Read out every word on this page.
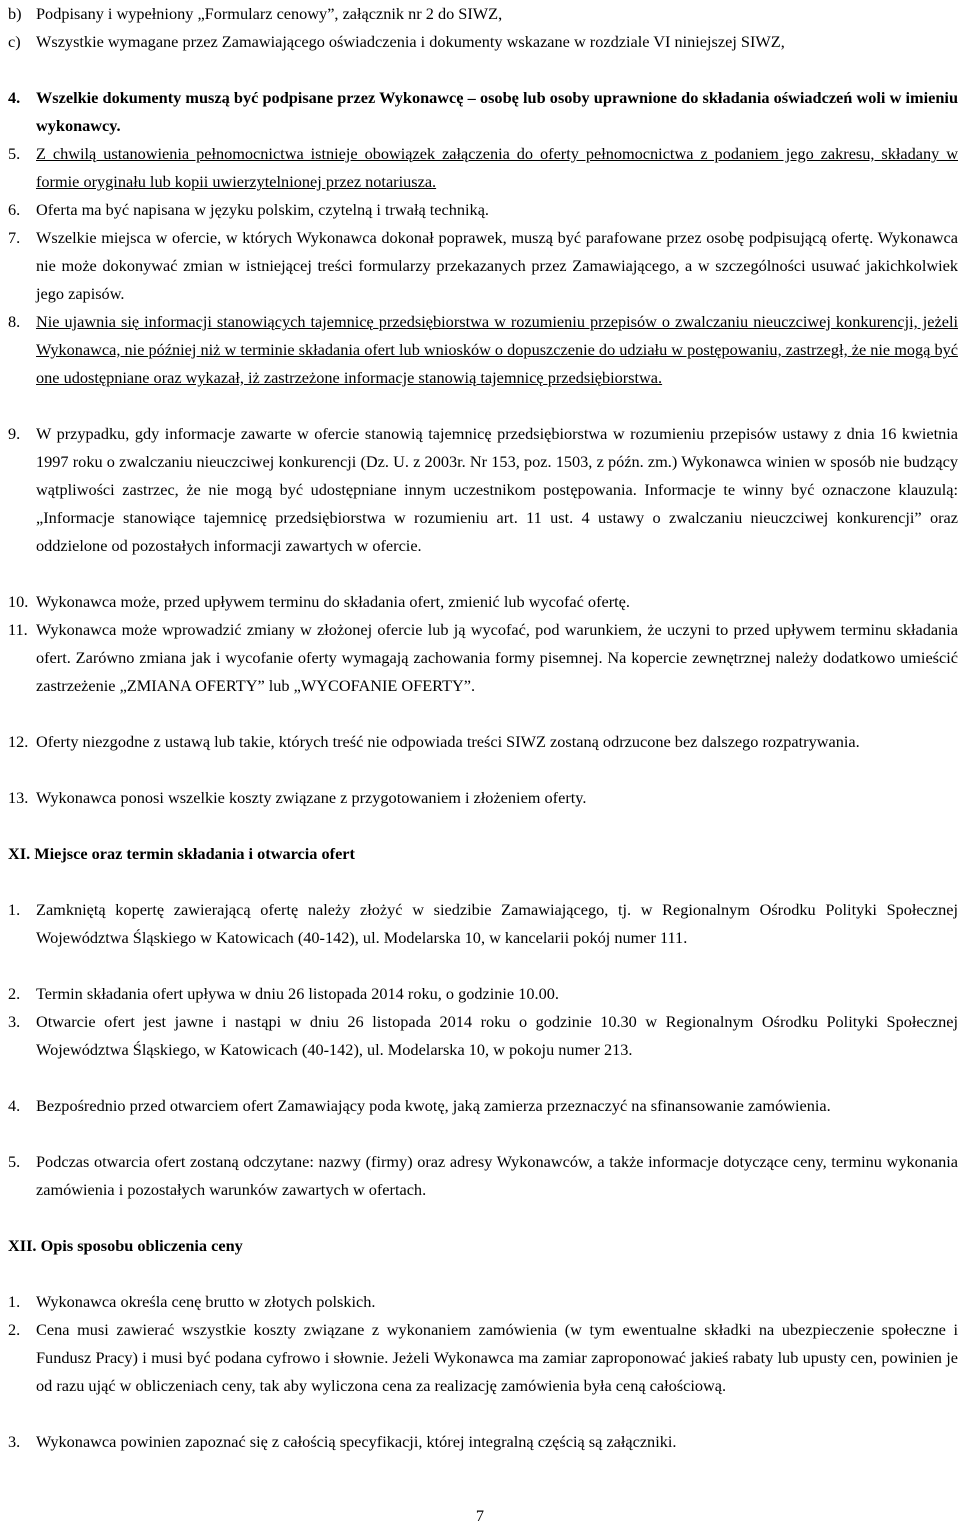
b) Podpisany i wypełniony „Formularz cenowy”, załącznik nr 2 do SIWZ,
c) Wszystkie wymagane przez Zamawiającego oświadczenia i dokumenty wskazane w rozdziale VI niniejszej SIWZ,
4. Wszelkie dokumenty muszą być podpisane przez Wykonawcę – osobę lub osoby uprawnione do składania oświadczeń woli w imieniu wykonawcy.
5. Z chwilą ustanowienia pełnomocnictwa istnieje obowiązek załączenia do oferty pełnomocnictwa z podaniem jego zakresu, składany w formie oryginału lub kopii uwierzytelnionej przez notariusza.
6. Oferta ma być napisana w języku polskim, czytelną i trwałą techniką.
7. Wszelkie miejsca w ofercie, w których Wykonawca dokonał poprawek, muszą być parafowane przez osobę podpisującą ofertę. Wykonawca nie może dokonywać zmian w istniejącej treści formularzy przekazanych przez Zamawiającego, a w szczególności usuwać jakichkolwiek jego zapisów.
8. Nie ujawnia się informacji stanowiących tajemnicę przedsiębiorstwa w rozumieniu przepisów o zwalczaniu nieuczciwej konkurencji, jeżeli Wykonawca, nie później niż w terminie składania ofert lub wniosków o dopuszczenie do udziału w postępowaniu, zastrzegł, że nie mogą być one udostępniane oraz wykazał, iż zastrzeżone informacje stanowią tajemnicę przedsiębiorstwa.
9. W przypadku, gdy informacje zawarte w ofercie stanowią tajemnicę przedsiębiorstwa w rozumieniu przepisów ustawy z dnia 16 kwietnia 1997 roku o zwalczaniu nieuczciwej konkurencji (Dz. U. z 2003r. Nr 153, poz. 1503, z późn. zm.) Wykonawca winien w sposób nie budzący wątpliwości zastrzec, że nie mogą być udostępniane innym uczestnikom postępowania. Informacje te winny być oznaczone klauzulą: „Informacje stanowiące tajemnicę przedsiębiorstwa w rozumieniu art. 11 ust. 4 ustawy o zwalczaniu nieuczciwej konkurencji” oraz oddzielone od pozostałych informacji zawartych w ofercie.
10. Wykonawca może, przed upływem terminu do składania ofert, zmienić lub wycofać ofertę.
11. Wykonawca może wprowadzić zmiany w złożonej ofercie lub ją wycofać, pod warunkiem, że uczyni to przed upływem terminu składania ofert. Zarówno zmiana jak i wycofanie oferty wymagają zachowania formy pisemnej. Na kopercie zewnętrznej należy dodatkowo umieścić zastrzeżenie „ZMIANA OFERTY” lub „WYCOFANIE OFERTY”.
12. Oferty niezgodne z ustawą lub takie, których treść nie odpowiada treści SIWZ zostaną odrzucone bez dalszego rozpatrywania.
13. Wykonawca ponosi wszelkie koszty związane z przygotowaniem i złożeniem oferty.
XI. Miejsce oraz termin składania i otwarcia ofert
1. Zamkniętą kopertę zawierającą ofertę należy złożyć w siedzibie Zamawiającego, tj. w Regionalnym Ośrodku Polityki Społecznej Województwa Śląskiego w Katowicach (40-142), ul. Modelarska 10, w kancelarii pokój numer 111.
2. Termin składania ofert upływa w dniu 26 listopada 2014 roku, o godzinie 10.00.
3. Otwarcie ofert jest jawne i nastąpi w dniu 26 listopada 2014 roku o godzinie 10.30 w Regionalnym Ośrodku Polityki Społecznej Województwa Śląskiego, w Katowicach (40-142), ul. Modelarska 10, w pokoju numer 213.
4. Bezpośrednio przed otwarciem ofert Zamawiający poda kwotę, jaką zamierza przeznaczyć na sfinansowanie zamówienia.
5. Podczas otwarcia ofert zostaną odczytane: nazwy (firmy) oraz adresy Wykonawców, a także informacje dotyczące ceny, terminu wykonania zamówienia i pozostałych warunków zawartych w ofertach.
XII. Opis sposobu obliczenia ceny
1. Wykonawca określa cenę brutto w złotych polskich.
2. Cena musi zawierać wszystkie koszty związane z wykonaniem zamówienia (w tym ewentualne składki na ubezpieczenie społeczne i Fundusz Pracy) i musi być podana cyfrowo i słownie. Jeżeli Wykonawca ma zamiar zaproponować jakieś rabaty lub upusty cen, powinien je od razu ująć w obliczeniach ceny, tak aby wyliczona cena za realizację zamówienia była ceną całościową.
3. Wykonawca powinien zapoznać się z całością specyfikacji, której integralną częścią są załączniki.
7
